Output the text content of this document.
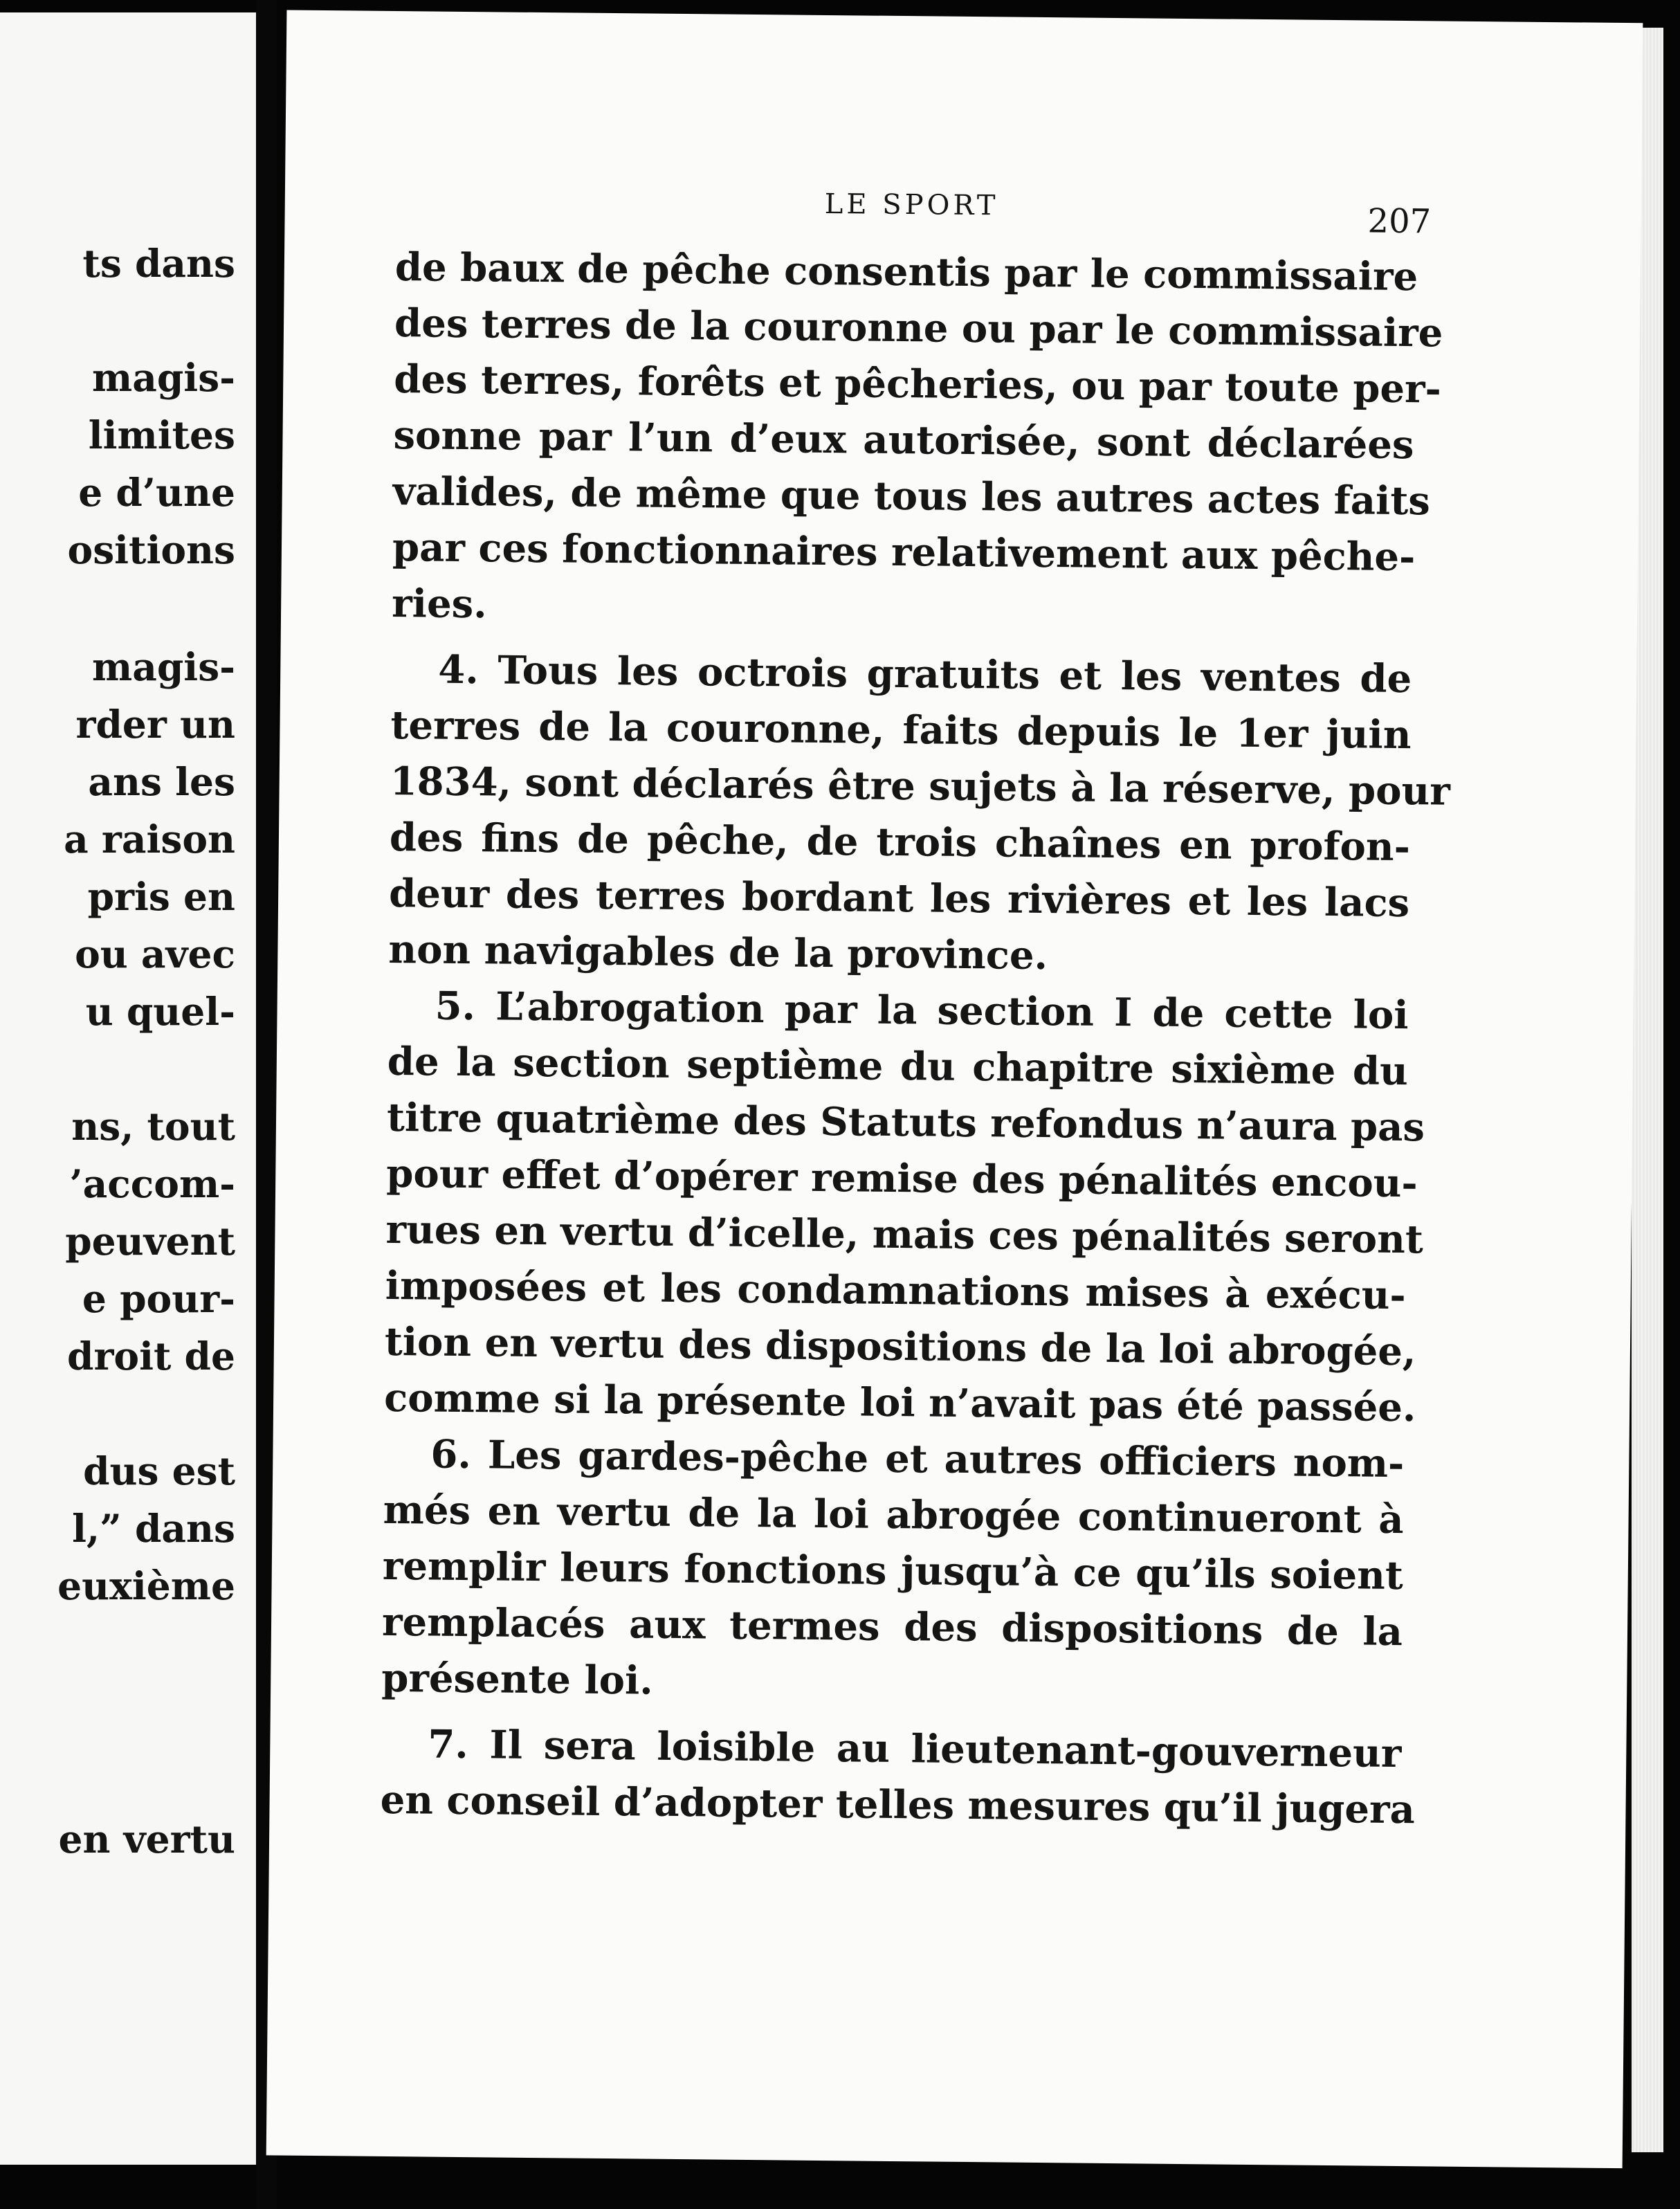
ts dans
magis-
limites
e d’une
ositions
magis-
rder un
ans les
a raison
pris en
ou avec
u quel-
ns, tout
’accom-
peuvent
e pour-
droit de
dus est
l,” dans
euxième
en vertu
LE SPORT	207
de baux de pêche consentis par le commissaire
des terres de la couronne ou par le commissaire
des terres, forêts et pêcheries, ou par toute per-
sonne par l’un d’eux autorisée, sont déclarées
valides, de même que tous les autres actes faits
par ces fonctionnaires relativement aux pêche-
ries.
4. Tous les octrois gratuits et les ventes de
terres de la couronne, faits depuis le 1er juin
1834, sont déclarés être sujets à la réserve, pour
des fins de pêche, de trois chaînes en profon-
deur des terres bordant les rivières et les lacs
non navigables de la province.
5. L’abrogation par la section I de cette loi
de la section septième du chapitre sixième du
titre quatrième des Statuts refondus n’aura pas
pour effet d’opérer remise des pénalités encou-
rues en vertu d’icelle, mais ces pénalités seront
imposées et les condamnations mises à exécu-
tion en vertu des dispositions de la loi abrogée,
comme si la présente loi n’avait pas été passée.
6. Les gardes-pêche et autres officiers nom-
més en vertu de la loi abrogée continueront à
remplir leurs fonctions jusqu’à ce qu’ils soient
remplacés aux termes des dispositions de la
présente loi.
7. Il sera loisible au lieutenant-gouverneur
en conseil d’adopter telles mesures qu’il jugera
